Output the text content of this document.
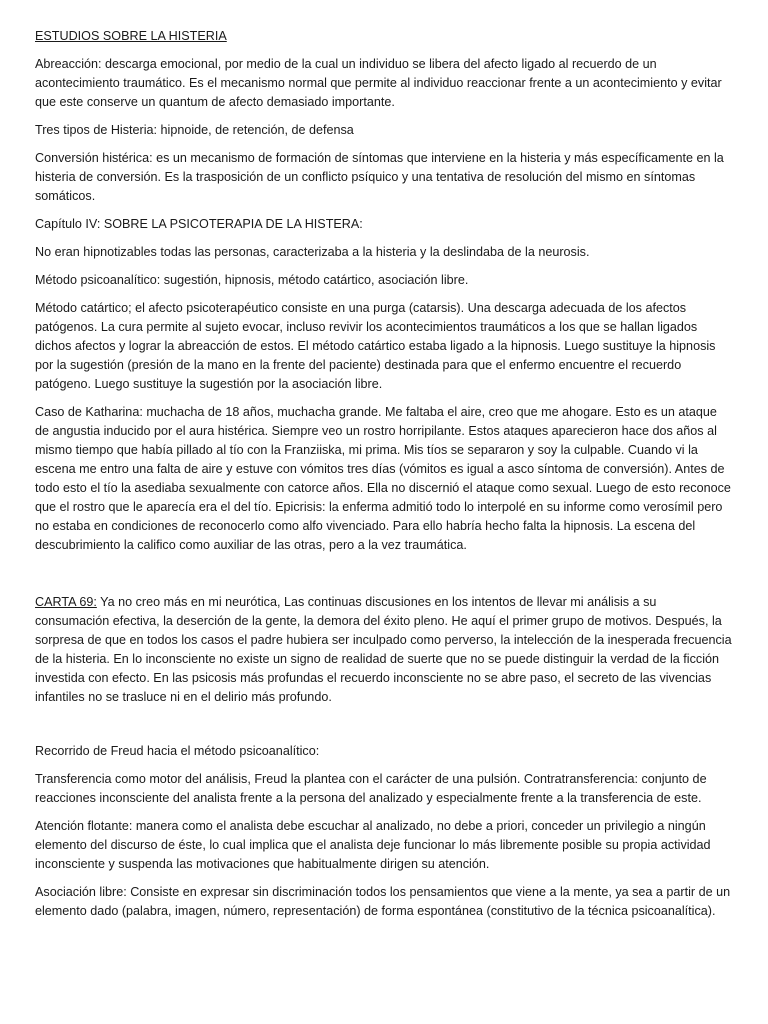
ESTUDIOS SOBRE LA HISTERIA

Abreacción: descarga emocional, por medio de la cual un individuo se libera del afecto ligado al recuerdo de un acontecimiento traumático. Es el mecanismo normal que permite al individuo reaccionar frente a un acontecimiento y evitar que este conserve un quantum de afecto demasiado importante.

Tres tipos de Histeria: hipnoide, de retención, de defensa

Conversión histérica: es un mecanismo de formación de síntomas que interviene en la histeria y más específicamente en la histeria de conversión. Es la trasposición de un conflicto psíquico y una tentativa de resolución del mismo en síntomas somáticos.

Capítulo IV: SOBRE LA PSICOTERAPIA DE LA HISTERA:

No eran hipnotizables todas las personas, caracterizaba a la histeria y la deslindaba de la neurosis.

Método psicoanalítico: sugestión, hipnosis, método catártico, asociación libre.

Método catártico; el afecto psicoterapéutico consiste en una purga (catarsis). Una descarga adecuada de los afectos patógenos. La cura permite al sujeto evocar, incluso revivir los acontecimientos traumáticos a los que se hallan ligados dichos afectos y lograr la abreacción de estos. El método catártico estaba ligado a la hipnosis. Luego sustituye la hipnosis por la sugestión (presión de la mano en la frente del paciente) destinada para que el enfermo encuentre el recuerdo patógeno. Luego sustituye la sugestión por la asociación libre.

Caso de Katharina: muchacha de 18 años, muchacha grande. Me faltaba el aire, creo que me ahogare. Esto es un ataque de angustia inducido por el aura histérica. Siempre veo un rostro horripilante. Estos ataques aparecieron hace dos años al mismo tiempo que había pillado al tío con la Franziiska, mi prima. Mis tíos se separaron y soy la culpable. Cuando vi la escena me entro una falta de aire y estuve con vómitos tres días (vómitos es igual a asco síntoma de conversión). Antes de todo esto el tío la asediaba sexualmente con catorce años. Ella no discernió el ataque como sexual. Luego de esto reconoce que el rostro que le aparecía era el del tío. Epicrisis: la enferma admitió todo lo interpolé en su informe como verosímil pero no estaba en condiciones de reconocerlo como alfo vivenciado. Para ello habría hecho falta la hipnosis. La escena del descubrimiento la califico como auxiliar de las otras, pero a la vez traumática.

CARTA 69: Ya no creo más en mi neurótica, Las continuas discusiones en los intentos de llevar mi análisis a su consumación efectiva, la deserción de la gente, la demora del éxito pleno. He aquí el primer grupo de motivos. Después, la sorpresa de que en todos los casos el padre hubiera ser inculpado como perverso, la intelección de la inesperada frecuencia de la histeria. En lo inconsciente no existe un signo de realidad de suerte que no se puede distinguir la verdad de la ficción investida con efecto. En las psicosis más profundas el recuerdo inconsciente no se abre paso, el secreto de las vivencias infantiles no se trasluce ni en el delirio más profundo.

Recorrido de Freud hacia el método psicoanalítico:

Transferencia como motor del análisis, Freud la plantea con el carácter de una pulsión. Contratransferencia: conjunto de reacciones inconsciente del analista frente a la persona del analizado y especialmente frente a la transferencia de este.

Atención flotante: manera como el analista debe escuchar al analizado, no debe a priori, conceder un privilegio a ningún elemento del discurso de éste, lo cual implica que el analista deje funcionar lo más libremente posible su propia actividad inconsciente y suspenda las motivaciones que habitualmente dirigen su atención.

Asociación libre: Consiste en expresar sin discriminación todos los pensamientos que viene a la mente, ya sea a partir de un elemento dado (palabra, imagen, número, representación) de forma espontánea (constitutivo de la técnica psicoanalítica).
